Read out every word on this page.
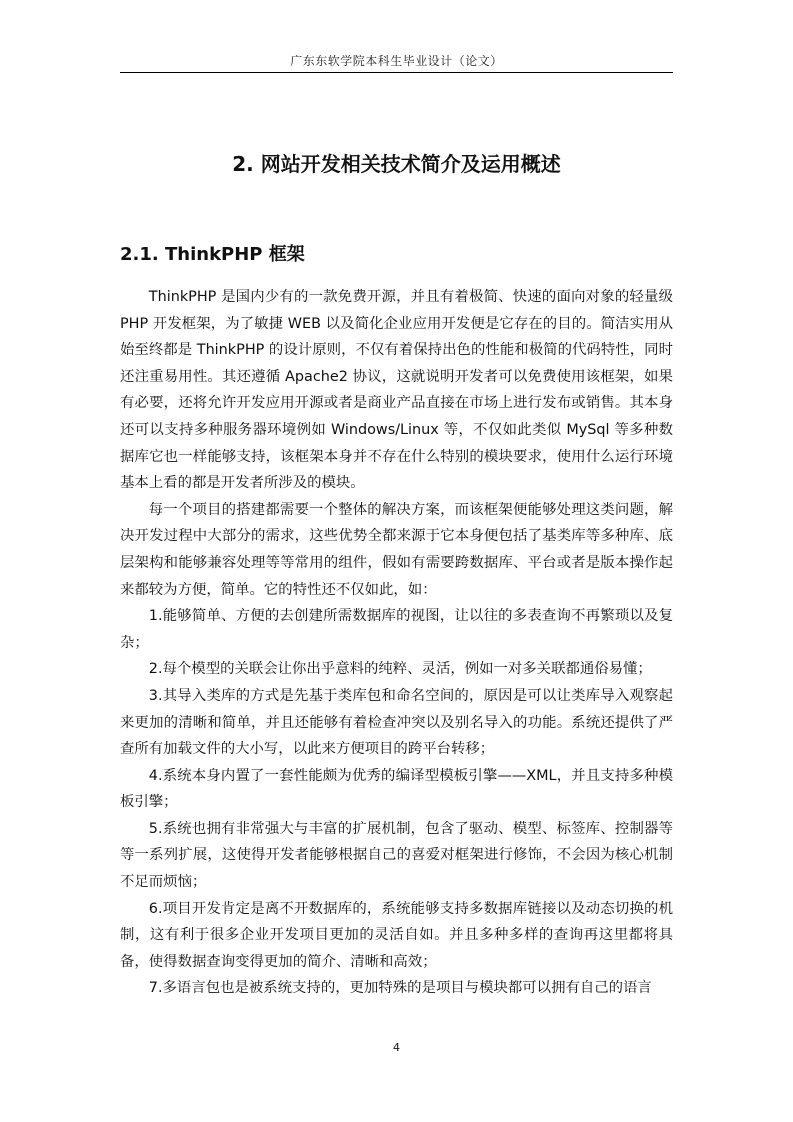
广东东软学院本科生毕业设计（论文）
2. 网站开发相关技术简介及运用概述
2.1. ThinkPHP 框架

ThinkPHP 是国内少有的一款免费开源，并且有着极简、快速的面向对象的轻量级 PHP 开发框架，为了敏捷 WEB 以及简化企业应用开发便是它存在的目的。简洁实用从始至终都是 ThinkPHP 的设计原则，不仅有着保持出色的性能和极简的代码特性，同时还注重易用性。其还遵循 Apache2 协议，这就说明开发者可以免费使用该框架，如果有必要，还将允许开发应用开源或者是商业产品直接在市场上进行发布或销售。其本身还可以支持多种服务器环境例如 Windows/Linux 等，不仅如此类似 MySql 等多种数据库它也一样能够支持，该框架本身并不存在什么特别的模块要求，使用什么运行环境基本上看的都是开发者所涉及的模块。

每一个项目的搭建都需要一个整体的解决方案，而该框架便能够处理这类问题，解决开发过程中大部分的需求，这些优势全都来源于它本身便包括了基类库等多种库、底层架构和能够兼容处理等等常用的组件，假如有需要跨数据库、平台或者是版本操作起来都较为方便，简单。它的特性还不仅如此，如：

1.能够简单、方便的去创建所需数据库的视图，让以往的多表查询不再繁琐以及复杂；

2.每个模型的关联会让你出乎意料的纯粹、灵活，例如一对多关联都通俗易懂；

3.其导入类库的方式是先基于类库包和命名空间的，原因是可以让类库导入观察起来更加的清晰和简单，并且还能够有着检查冲突以及别名导入的功能。系统还提供了严查所有加载文件的大小写，以此来方便项目的跨平台转移；

4.系统本身内置了一套性能颇为优秀的编译型模板引擎——XML，并且支持多种模板引擎；

5.系统也拥有非常强大与丰富的扩展机制，包含了驱动、模型、标签库、控制器等等一系列扩展，这使得开发者能够根据自己的喜爱对框架进行修饰，不会因为核心机制不足而烦恼；

6.项目开发肯定是离不开数据库的，系统能够支持多数据库链接以及动态切换的机制，这有利于很多企业开发项目更加的灵活自如。并且多种多样的查询再这里都将具备，使得数据查询变得更加的简介、清晰和高效；

7.多语言包也是被系统支持的，更加特殊的是项目与模块都可以拥有自己的语言

4
